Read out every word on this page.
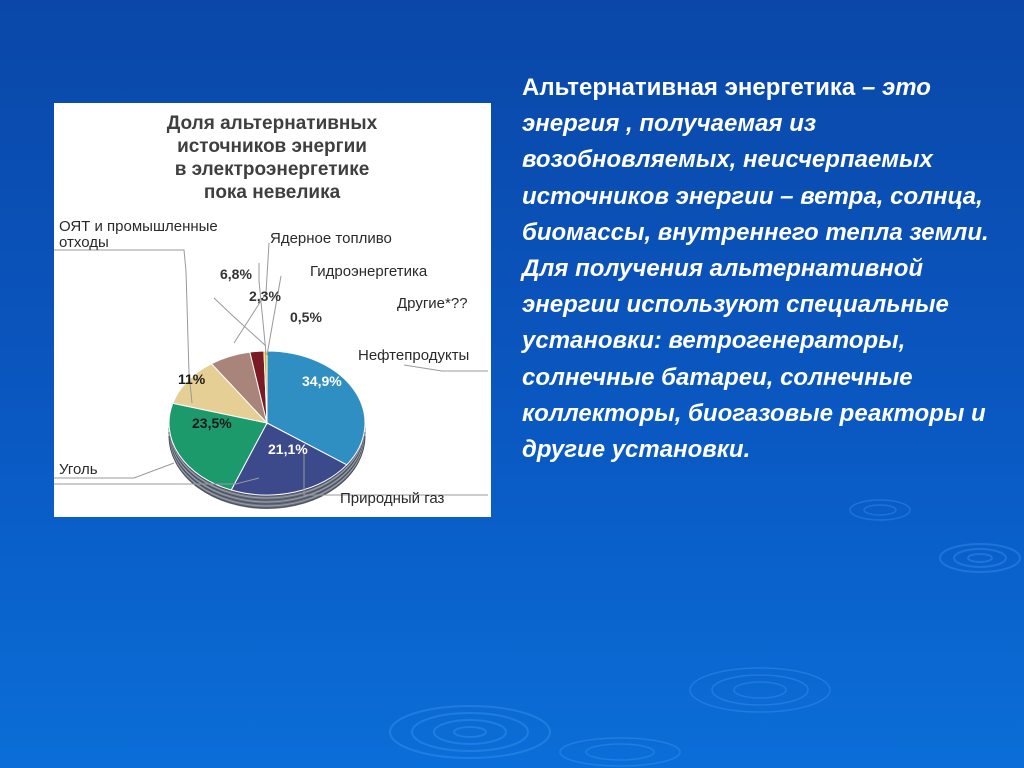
Доля альтернативных
источников энергии
в электроэнергетике
пока невелика
ОЯТ и промышленные
отходы	Ядерное топливо
Гидроэнергетика
Другие*??
Нефтепродукты
Уголь
Природный газ
6,8%
2,3%
0,5%
34,9%
21,1%
23,5%
11%
Альтернативная энергетика – это энергия , получаемая из возобновляемых, неисчерпаемых источников энергии – ветра, солнца, биомассы, внутреннего тепла земли. Для получения альтернативной энергии используют специальные установки: ветрогенераторы, солнечные батареи, солнечные коллекторы, биогазовые реакторы и другие установки.
